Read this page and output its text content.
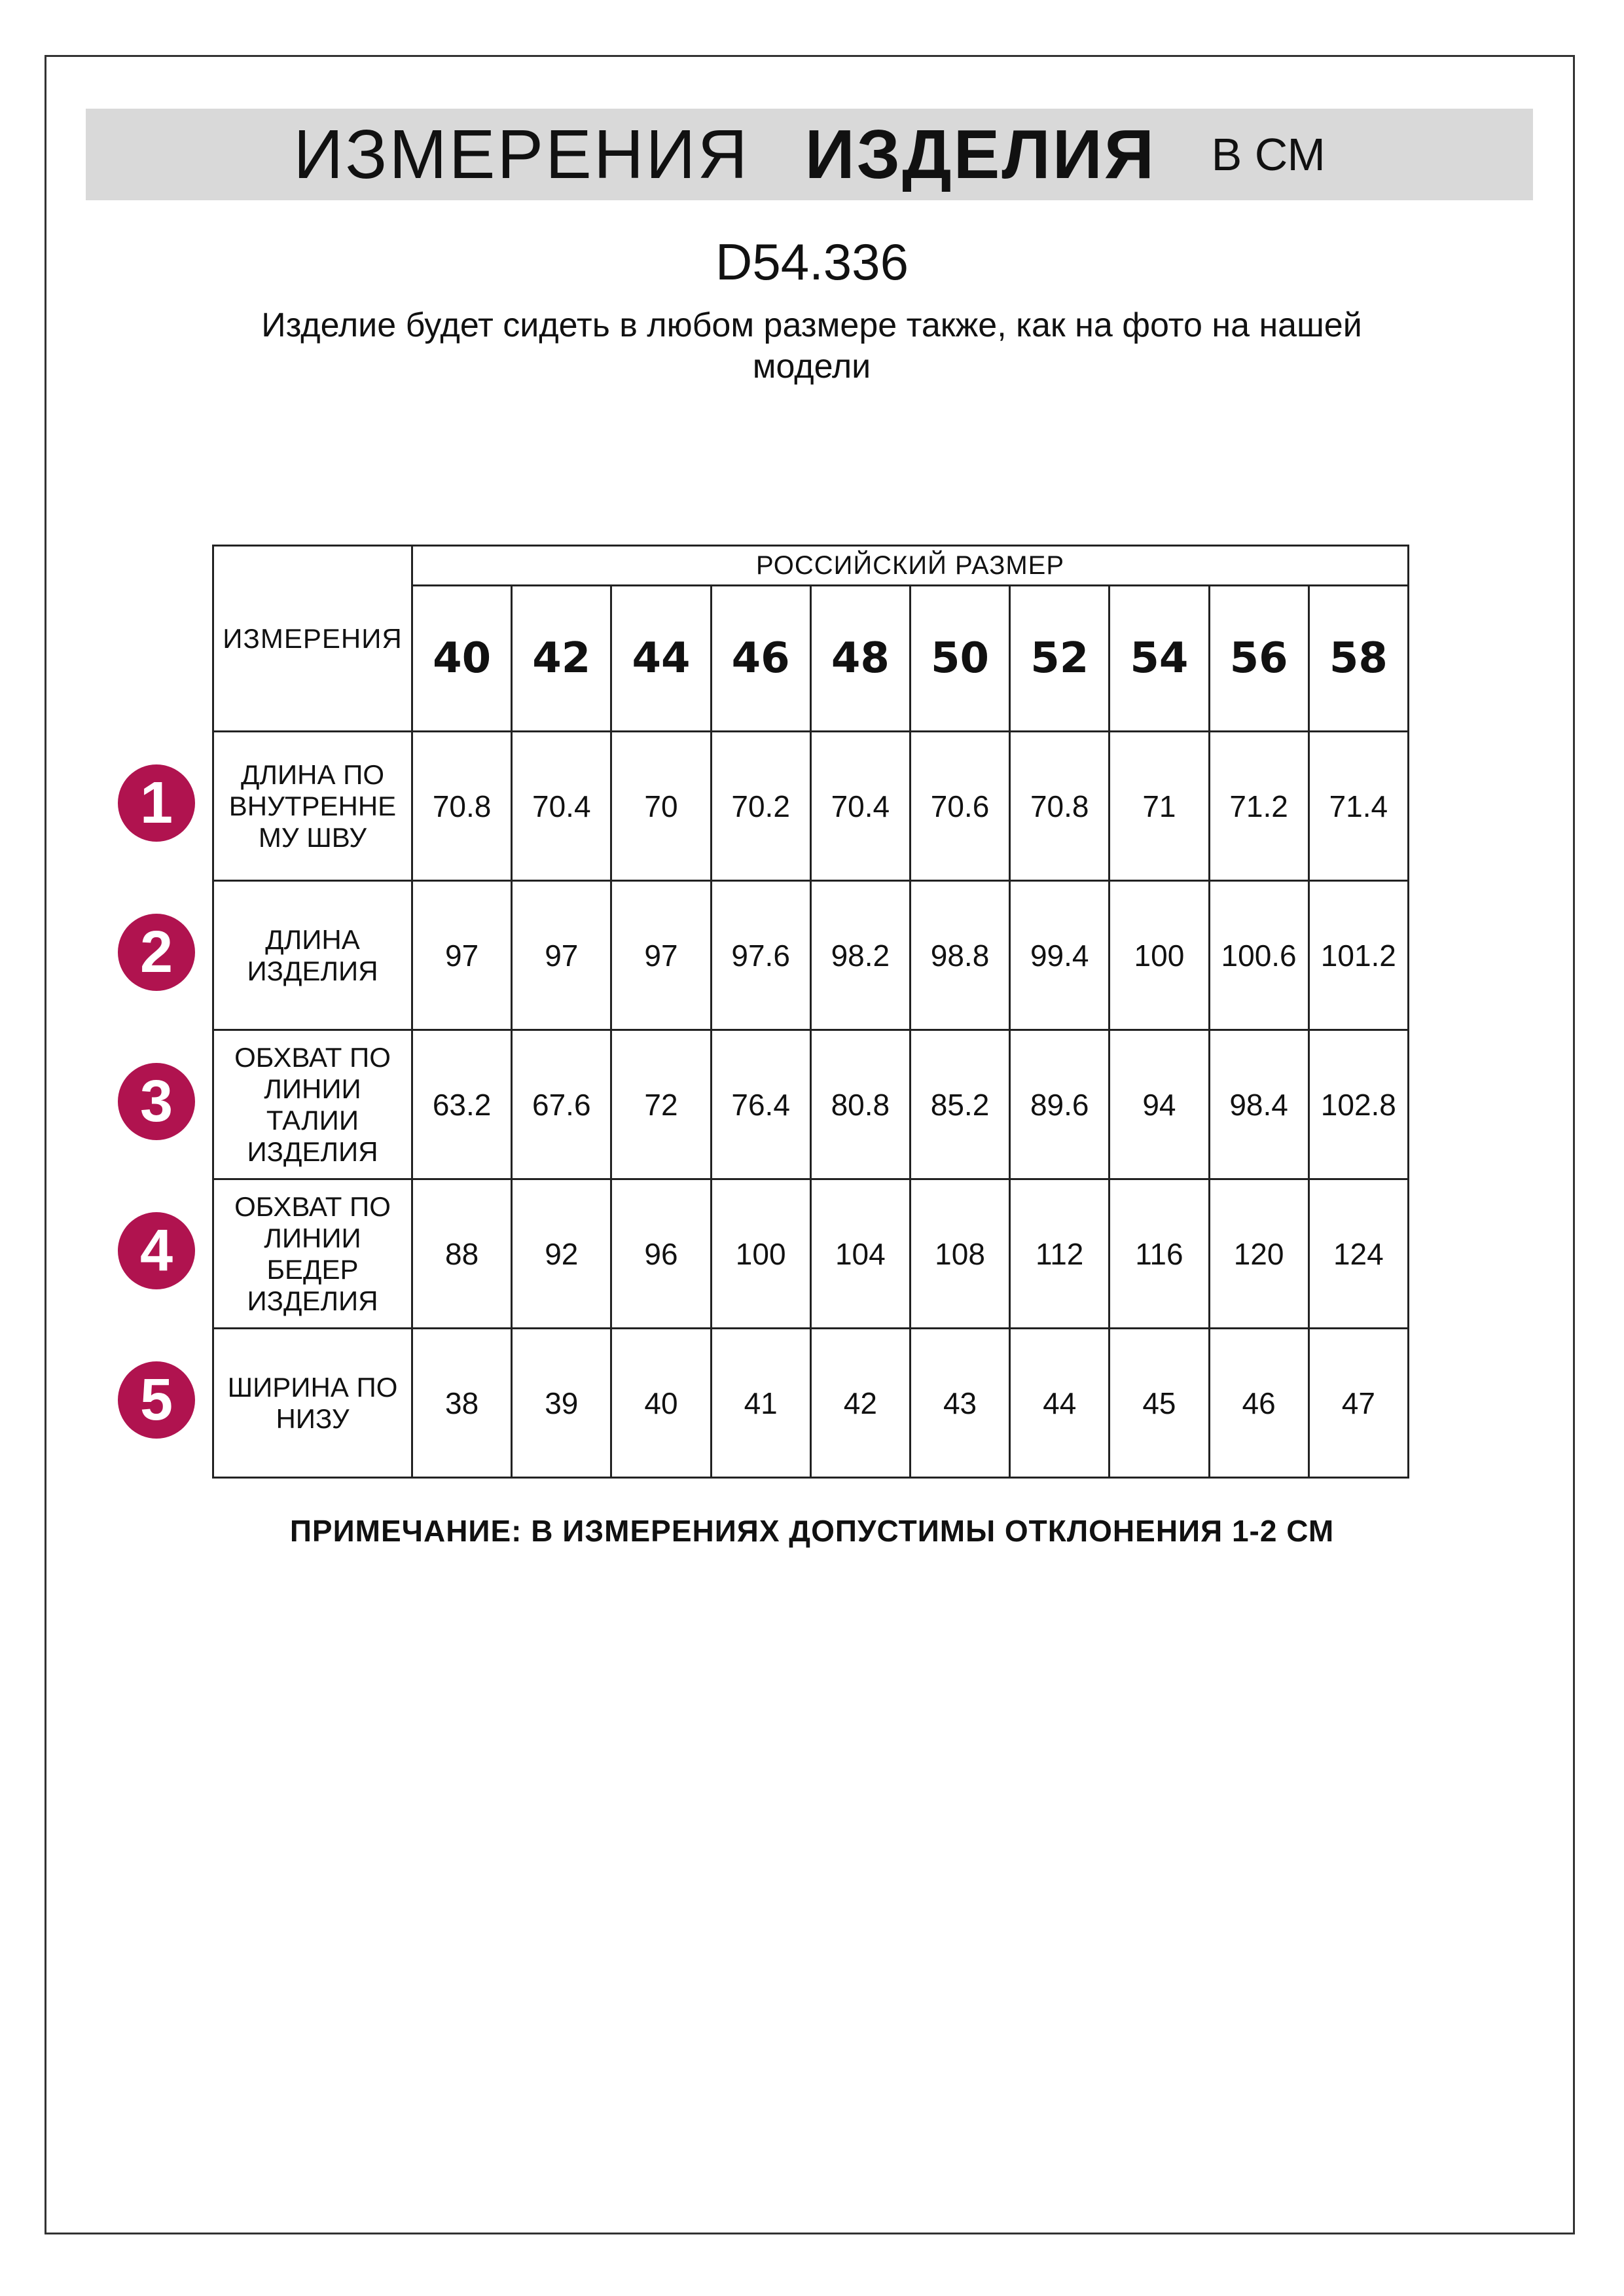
ИЗМЕРЕНИЯ ИЗДЕЛИЯ В СМ
D54.336
Изделие будет сидеть в любом размере также, как на фото на нашей модели
ИЗМЕРЕНИЯ	РОССИЙСКИЙ РАЗМЕР									
	40	42	44	46	48	50	52	54	56	58
ДЛИНА ПО ВНУТРЕННЕ МУ ШВУ	70.8	70.4	70	70.2	70.4	70.6	70.8	71	71.2	71.4
ДЛИНА ИЗДЕЛИЯ	97	97	97	97.6	98.2	98.8	99.4	100	100.6	101.2
ОБХВАТ ПО ЛИНИИ ТАЛИИ ИЗДЕЛИЯ	63.2	67.6	72	76.4	80.8	85.2	89.6	94	98.4	102.8
ОБХВАТ ПО ЛИНИИ БЕДЕР ИЗДЕЛИЯ	88	92	96	100	104	108	112	116	120	124
ШИРИНА ПО НИЗУ	38	39	40	41	42	43	44	45	46	47
1
2
3
4
5
ПРИМЕЧАНИЕ: В ИЗМЕРЕНИЯХ ДОПУСТИМЫ ОТКЛОНЕНИЯ 1-2 СМ
